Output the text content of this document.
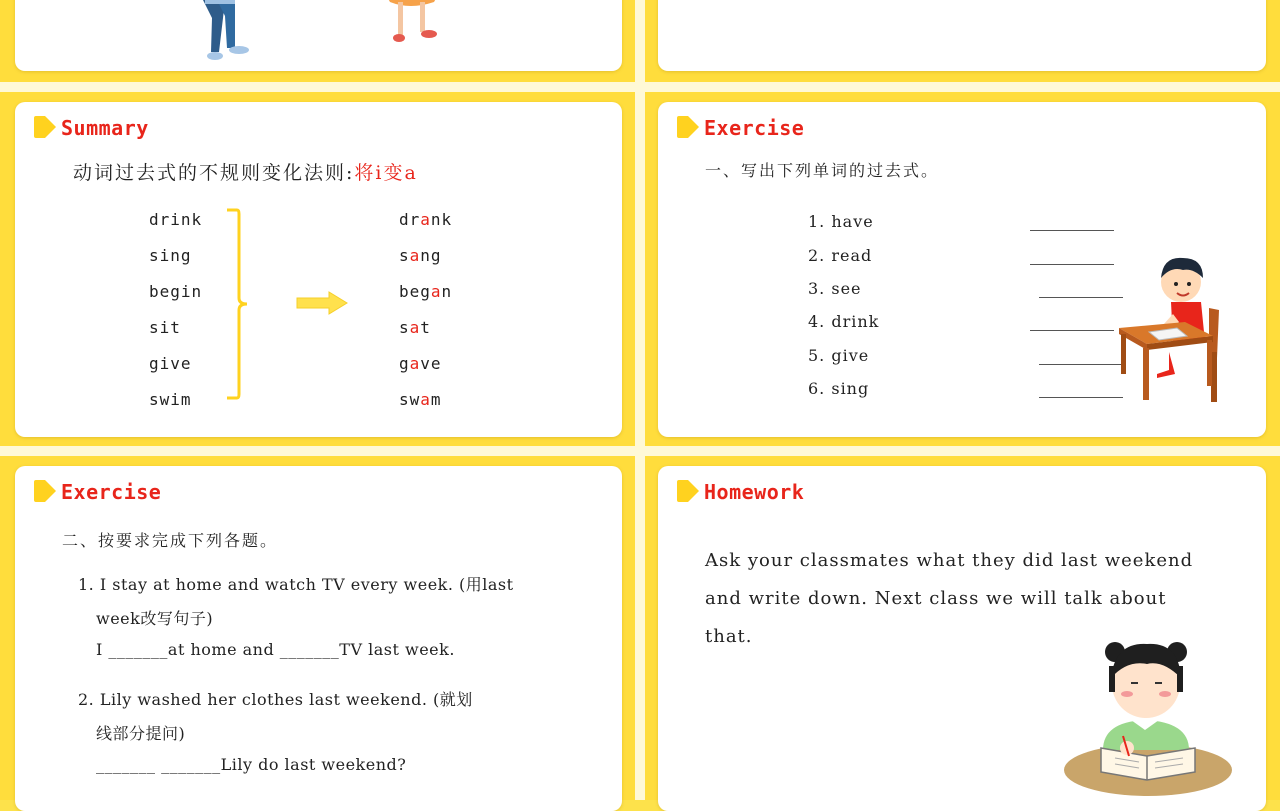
Summary
动词过去式的不规则变化法则:将i变a
drink
sing
begin
sit
give
swim
drank
sang
began
sat
gave
swam
Exercise
一、写出下列单词的过去式。
1. have
2. read
3. see
4. drink
5. give
6. sing
Exercise
二、按要求完成下列各题。
1. I stay at home and watch TV every week. (用last
week改写句子)
I _______at home and _______TV last week.
2. Lily washed her clothes last weekend. (就划
线部分提问)
_______ _______Lily do last weekend?
Homework
Ask your classmates what they did last weekend
and write down. Next class we will talk about
that.
